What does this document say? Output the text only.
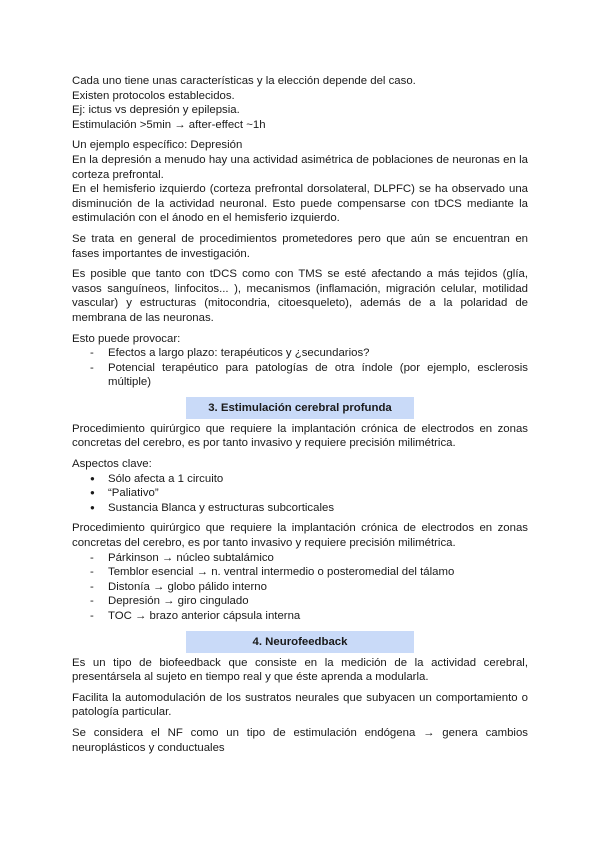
Cada uno tiene unas características y la elección depende del caso.

Existen protocolos establecidos.

Ej: ictus vs depresión y epilepsia.

Estimulación >5min → after-effect ~1h

Un ejemplo específico: Depresión

En la depresión a menudo hay una actividad asimétrica de poblaciones de neuronas en la corteza prefrontal.

En el hemisferio izquierdo (corteza prefrontal dorsolateral, DLPFC) se ha observado una disminución de la actividad neuronal. Esto puede compensarse con tDCS mediante la estimulación con el ánodo en el hemisferio izquierdo.

Se trata en general de procedimientos prometedores pero que aún se encuentran en fases importantes de investigación.

Es posible que tanto con tDCS como con TMS se esté afectando a más tejidos (glía, vasos sanguíneos, linfocitos... ), mecanismos (inflamación, migración celular, motilidad vascular) y estructuras (mitocondria, citoesqueleto), además de a la polaridad de membrana de las neuronas.

Esto puede provocar:

- Efectos a largo plazo: terapéuticos y ¿secundarios?
- Potencial terapéutico para patologías de otra índole (por ejemplo, esclerosis múltiple)
3. Estimulación cerebral profunda

Procedimiento quirúrgico que requiere la implantación crónica de electrodos en zonas concretas del cerebro, es por tanto invasivo y requiere precisión milimétrica.

Aspectos clave:

● Sólo afecta a 1 circuito
● “Paliativo”
● Sustancia Blanca y estructuras subcorticales

Procedimiento quirúrgico que requiere la implantación crónica de electrodos en zonas concretas del cerebro, es por tanto invasivo y requiere precisión milimétrica.

- Párkinson → núcleo subtalámico
- Temblor esencial → n. ventral intermedio o posteromedial del tálamo
- Distonía → globo pálido interno
- Depresión → giro cingulado
- TOC → brazo anterior cápsula interna
4. Neurofeedback

Es un tipo de biofeedback que consiste en la medición de la actividad cerebral, presentársela al sujeto en tiempo real y que éste aprenda a modularla.

Facilita la automodulación de los sustratos neurales que subyacen un comportamiento o patología particular.

Se considera el NF como un tipo de estimulación endógena → genera cambios neuroplásticos y conductuales
